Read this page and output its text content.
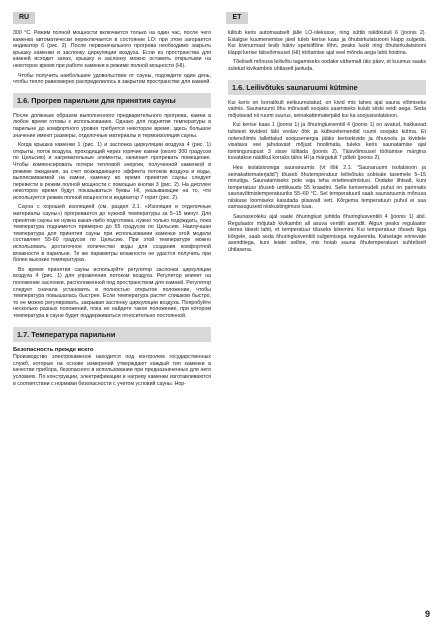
RU	ET

300 °C. Режим полной мощности включается только на один час, после чего каменка автоматически переключается в состояние LO: при этом загорается индикатор 6 (рис. 2). После первоначального прогрева необходимо закрыть крышку каменки и заслонку циркуляции воздуха. Если из пространства для камней исходит запах, крышку и заслонку можно оставить открытыми на некоторое время при работе каменки в режиме полной мощности (HI).

Чтобы получить наибольшее удовольствие от сауны, подождите один день, чтобы тепло равномерно распределилось в закрытом пространстве для камней.

1.6. Прогрев парильни для принятия сауны

После должным образом выполненного предварительного прогрева, камни в любое время готовы к использованию. Однако для поднятия температуры в парильне до комфортного уровня требуется некоторое время. здесь большое значение имеют размеры, отделочные материалы и термоизоляция сауны.

Когда крышка каменки 1 (рис. 1) и заслонка циркуляции воздуха 4 (рис. 1) открыты, поток воздуха, проходящий через горячие камни (около 300 градусов по Цельсию) и нагревательные элементы, начинает прогревать помещение. Чтобы компенсировать потери тепловой энергии, полученной каменкой в режиме ожидания, за счет возжадающего эффекта потоков воздуха и воды, выплескиваемой на камни, каменку во время принятия сауны следует перевести в режим полной мощности с помощью кнопки 3 (рис. 2). На дисплее некоторое время будут показываться буквы HI, указывающие на то, что используется режим полной мощности и индикатор 7 горит (рис. 2).

Сауна с хорошей изоляцией (см. раздел 2.1. «Изоляция и отделочные материалы сауны») прогревается до нужной температуры за 5–15 минут. Для принятия сауны не нужна какая-либо подготовка, нужно только подождать, пока температура поднимется примерно до 55 градусов по Цельсию. Наилучшая температура для принятия сауны при использовании каменки этой модели составляет 55-60 градусов по Цельсию. При этой температуре можно использовать достаточное количество воды для создания комфортной влажности в парильне. Те же параметры влажности не удастся получить при более высоких температурах.

Во время принятия сауны используйте регулятор заслонки циркуляции воздуха 4 (рис. 1) для управления потоком воздуха. Регулятор влияет на положение заслонки, расположенной под пространством для камней. Регулятор следует сначала установить в полностью открытое положение, чтобы температура повышалась быстрее. Если температура растет слишком быстро, то ее можно регулировать, закрывая заслонку циркуляции воздуха. Попробуйте несколько разных положений, пока не найдете такое положение, при котором температура в сауне будет поддерживаться относительно постоянной.

1.7. Температура парильни
Безопасность прежде всего

Производство электрокаменок находится под контролем государственных служб, которые на основе измерений утверждают каждый тип каменки в качестве прибора, безопасного в использовании при предназначенных для него условиях. По конструкции, электрификации и нагреву каменки изготавливаются в соответствии с нормами безопасности с учетом условий сауны. Нор-

lülitub keris automaatselt jälle LO-olekusse, ning süttib näidikutuli 6 (joonis 2). Esialgse kuumenemise järel tuleb kerise kaas ja õhutsirkulatsiooni klapp sulgeda. Kui kivinurmast levib häiriv spetsiifiline lõhn, peaks luuki ning õhutsirkulatsiooni klappi kerise täisvõimsusel (HI) töötamise ajal veel mõnda aega lahti hoidma.

Tõeliselt mõnusa leilivõtu tagamiseks oodake vähemalt üks päev, et kuumus saaks suletud kivikambris ühtlaselt jaotuda.

1.6. Leilivõtuks saunaruumi kütmine

Kui keris on korralikult eelkuumutatud, on kivid mis tahes ajal sauna võtmiseks valmis. Saunaruumi õhu mõnusalt soojaks saamiseks kulub siiski veidi aega. Seda mõjutavad nii ruumi suurus, seinakattematerjalid kui ka soojusisolatsioon.

Kui kerise kaas 1 (joonis 1) ja õhuringlusventiil 4 (joonis 1) on avatud, hakkavad tulistest kividest läbi voolav õhk ja küttezelemendid ruumi soojaks kütma. Et ooterežiimis tallettatud soojusenergia jääks kerisekivide ja õhuvoolu ja kividele visatava vee jahutavast mõjust hoolimata, tuleks keris saunatamise ajal toimingunupust 3 sisse lülitada (joonis 2). Täisvõimsusel töötamise märgina kuvatakse näidikul korraks tähis HI ja märgutuli 7 põleb (joonis 2).

Hea isolatsiooniga saunaruumis (vt lõik 2.1. "Saunaruumi isolatsioon ja seinakattematerjalid") tõuseb õhutemperatuur leilivõtuks sobivale tasemele 5–15 minutiga. Saunatamiseks pole vaja teha eriettevalmistusi. Oodake lihtsalt, kuni temperatuur tõuseb umbkaudu 55 kraadini. Selle kerisemudeli puhul on parimaks saunavõtmistemperatuuriks 55–60 °C. Sel temperatuuril saab saunaruumis mõnusa niiskuse loomiseks kasutada piisavalt vett. Kõrgema temperatuuri puhul ei saa samasuguseid niiskustingimusi luua.

Saunaseoleku ajal saate õhuringlust juhtida õhuringlusventiili 4 (joonis 1) abil. Regulaator mõjutab kivikambri all asuva ventiili asendit. Alguл peaks regulaator olema täiesti lahti, et temperatuur tõuseks kiiremini. Kui temperatuur tõuseb liiga kõrgele, saab seda õhuringlusventiili sulgemisega reguleerida. Katsetage erinevate asenditega, kuni leiate selline, mis hoiab sauna õhutemperatuuri suhteliselt ühtlasena.

9
